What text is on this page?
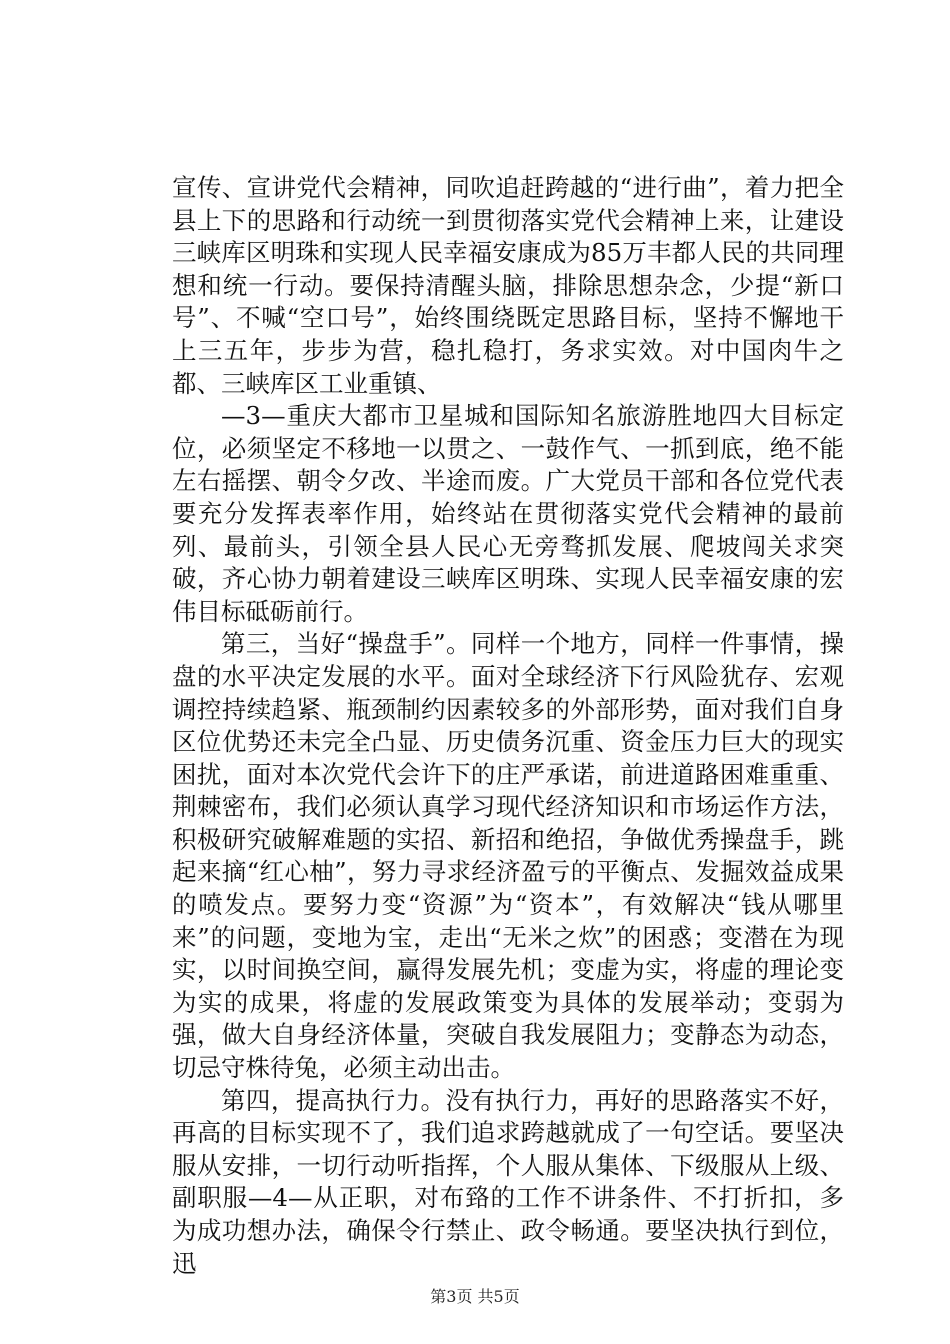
宣传、宣讲党代会精神，同吹追赶跨越的“进行曲”，着力把全县上下的思路和行动统一到贯彻落实党代会精神上来，让建设三峡库区明珠和实现人民幸福安康成为85万丰都人民的共同理想和统一行动。要保持清醒头脑，排除思想杂念，少提“新口号”、不喊“空口号”，始终围绕既定思路目标，坚持不懈地干上三五年，步步为营，稳扎稳打，务求实效。对中国肉牛之都、三峡库区工业重镇、

—3—重庆大都市卫星城和国际知名旅游胜地四大目标定位，必须坚定不移地一以贯之、一鼓作气、一抓到底，绝不能左右摇摆、朝令夕改、半途而废。广大党员干部和各位党代表要充分发挥表率作用，始终站在贯彻落实党代会精神的最前列、最前头，引领全县人民心无旁骛抓发展、爬坡闯关求突破，齐心协力朝着建设三峡库区明珠、实现人民幸福安康的宏伟目标砥砺前行。

第三，当好“操盘手”。同样一个地方，同样一件事情，操盘的水平决定发展的水平。面对全球经济下行风险犹存、宏观调控持续趋紧、瓶颈制约因素较多的外部形势，面对我们自身区位优势还未完全凸显、历史债务沉重、资金压力巨大的现实困扰，面对本次党代会许下的庄严承诺，前进道路困难重重、荆棘密布，我们必须认真学习现代经济知识和市场运作方法，积极研究破解难题的实招、新招和绝招，争做优秀操盘手，跳起来摘“红心柚”，努力寻求经济盈亏的平衡点、发掘效益成果的喷发点。要努力变“资源”为“资本”，有效解决“钱从哪里来”的问题，变地为宝，走出“无米之炊”的困惑；变潜在为现实，以时间换空间，赢得发展先机；变虚为实，将虚的理论变为实的成果，将虚的发展政策变为具体的发展举动；变弱为强，做大自身经济体量，突破自我发展阻力；变静态为动态，切忌守株待兔，必须主动出击。

第四，提高执行力。没有执行力，再好的思路落实不好，再高的目标实现不了，我们追求跨越就成了一句空话。要坚决服从安排，一切行动听指挥，个人服从集体、下级服从上级、副职服—4—从正职，对布臵的工作不讲条件、不打折扣，多为成功想办法，确保令行禁止、政令畅通。要坚决执行到位，迅

第3页 共5页
